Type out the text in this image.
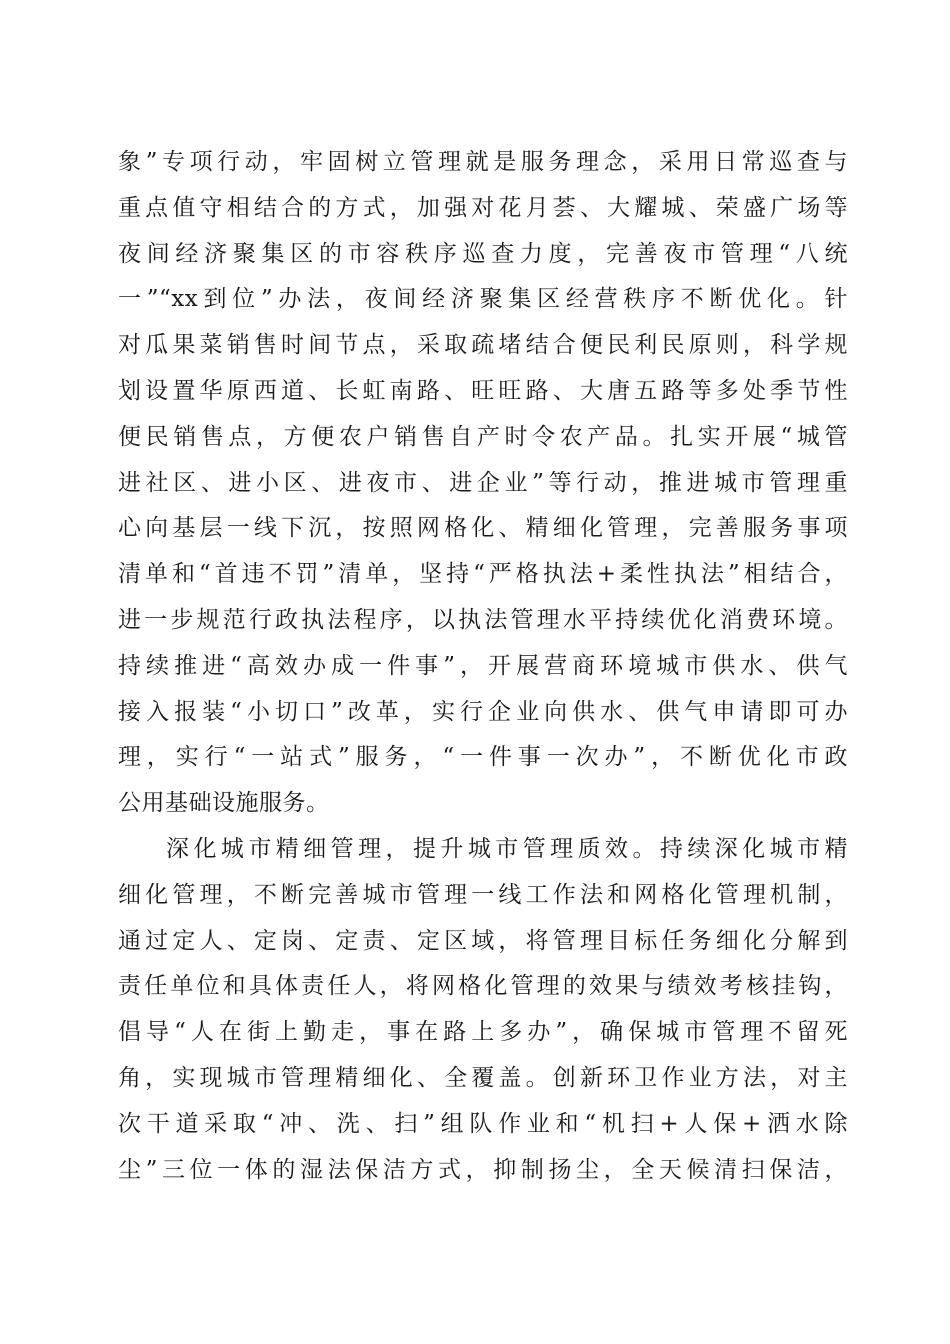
象”专项行动，牢固树立管理就是服务理念，采用日常巡查与
重点值守相结合的方式，加强对花月荟、大耀城、荣盛广场等
夜间经济聚集区的市容秩序巡查力度，完善夜市管理“八统
一”“xx到位”办法，夜间经济聚集区经营秩序不断优化。针
对瓜果菜销售时间节点，采取疏堵结合便民利民原则，科学规
划设置华原西道、长虹南路、旺旺路、大唐五路等多处季节性
便民销售点，方便农户销售自产时令农产品。扎实开展“城管
进社区、进小区、进夜市、进企业”等行动，推进城市管理重
心向基层一线下沉，按照网格化、精细化管理，完善服务事项
清单和“首违不罚”清单，坚持“严格执法+柔性执法”相结合，
进一步规范行政执法程序，以执法管理水平持续优化消费环境。
持续推进“高效办成一件事”，开展营商环境城市供水、供气
接入报装“小切口”改革，实行企业向供水、供气申请即可办
理，实行“一站式”服务，“一件事一次办”，不断优化市政
公用基础设施服务。
深化城市精细管理，提升城市管理质效。持续深化城市精
细化管理，不断完善城市管理一线工作法和网格化管理机制，
通过定人、定岗、定责、定区域，将管理目标任务细化分解到
责任单位和具体责任人，将网格化管理的效果与绩效考核挂钩，
倡导“人在街上勤走，事在路上多办”，确保城市管理不留死
角，实现城市管理精细化、全覆盖。创新环卫作业方法，对主
次干道采取“冲、洗、扫”组队作业和“机扫+人保+洒水除
尘”三位一体的湿法保洁方式，抑制扬尘，全天候清扫保洁，
